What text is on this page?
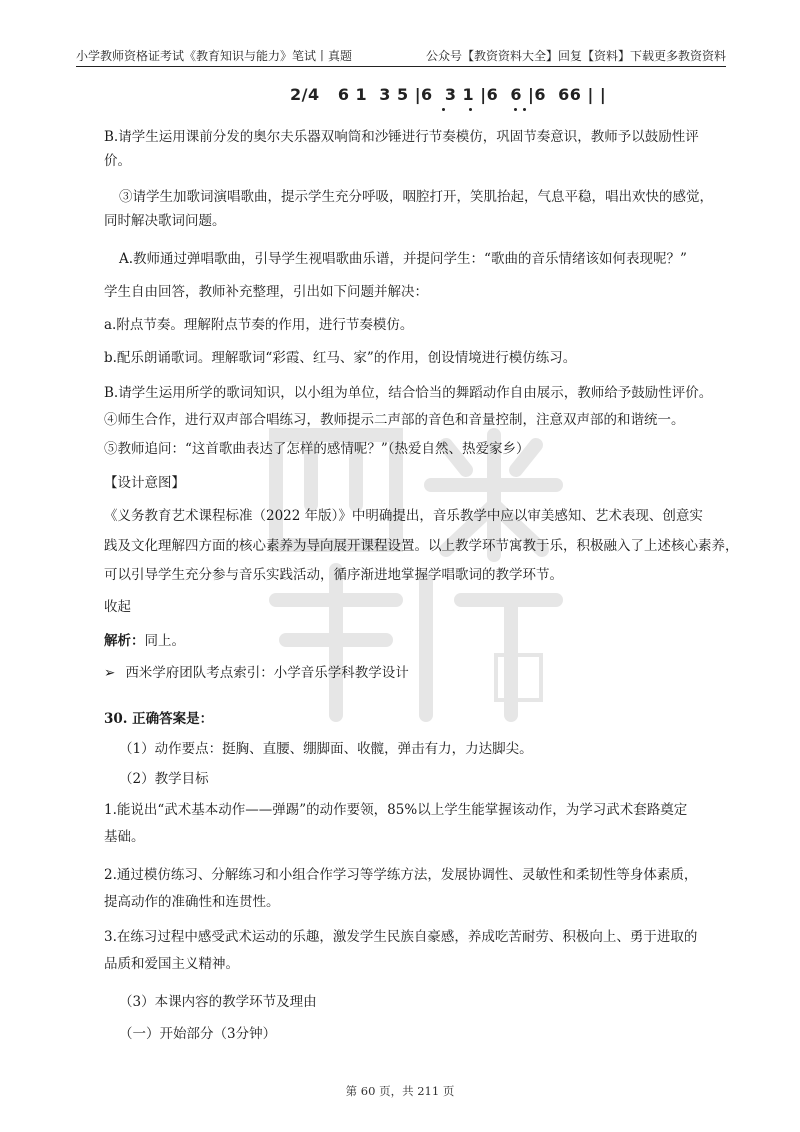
小学教师资格证考试《教育知识与能力》笔试丨真题	公众号【教资资料大全】回复【资料】下载更多教资资料
2/4   6 1  3 5 |6  3 1 |6  6 |6  66 | |
B.请学生运用课前分发的奥尔夫乐器双响筒和沙锤进行节奏模仿，巩固节奏意识，教师予以鼓励性评
价。
③请学生加歌词演唱歌曲，提示学生充分呼吸，咽腔打开，笑肌抬起，气息平稳，唱出欢快的感觉，
同时解决歌词问题。
A.教师通过弹唱歌曲，引导学生视唱歌曲乐谱，并提问学生：“歌曲的音乐情绪该如何表现呢？”
学生自由回答，教师补充整理，引出如下问题并解决：
a.附点节奏。理解附点节奏的作用，进行节奏模仿。
b.配乐朗诵歌词。理解歌词“彩霞、红马、家”的作用，创设情境进行模仿练习。
B.请学生运用所学的歌词知识，以小组为单位，结合恰当的舞蹈动作自由展示，教师给予鼓励性评价。
④师生合作，进行双声部合唱练习，教师提示二声部的音色和音量控制，注意双声部的和谐统一。
⑤教师追问：“这首歌曲表达了怎样的感情呢？”（热爱自然、热爱家乡）
【设计意图】
《义务教育艺术课程标准（2022 年版）》中明确提出，音乐教学中应以审美感知、艺术表现、创意实
践及文化理解四方面的核心素养为导向展开课程设置。以上教学环节寓教于乐，积极融入了上述核心素养，
可以引导学生充分参与音乐实践活动，循序渐进地掌握学唱歌词的教学环节。
收起
解析：同上。
➢ 西米学府团队考点索引：小学音乐学科教学设计
30. 正确答案是：
（1）动作要点：挺胸、直腰、绷脚面、收髋，弹击有力，力达脚尖。
（2）教学目标
1.能说出“武术基本动作——弹踢”的动作要领，85%以上学生能掌握该动作，为学习武术套路奠定
基础。
2.通过模仿练习、分解练习和小组合作学习等学练方法，发展协调性、灵敏性和柔韧性等身体素质，
提高动作的准确性和连贯性。
3.在练习过程中感受武术运动的乐趣，激发学生民族自豪感，养成吃苦耐劳、积极向上、勇于进取的
品质和爱国主义精神。
（3）本课内容的教学环节及理由
（一）开始部分（3分钟）
第 60 页，共 211 页
